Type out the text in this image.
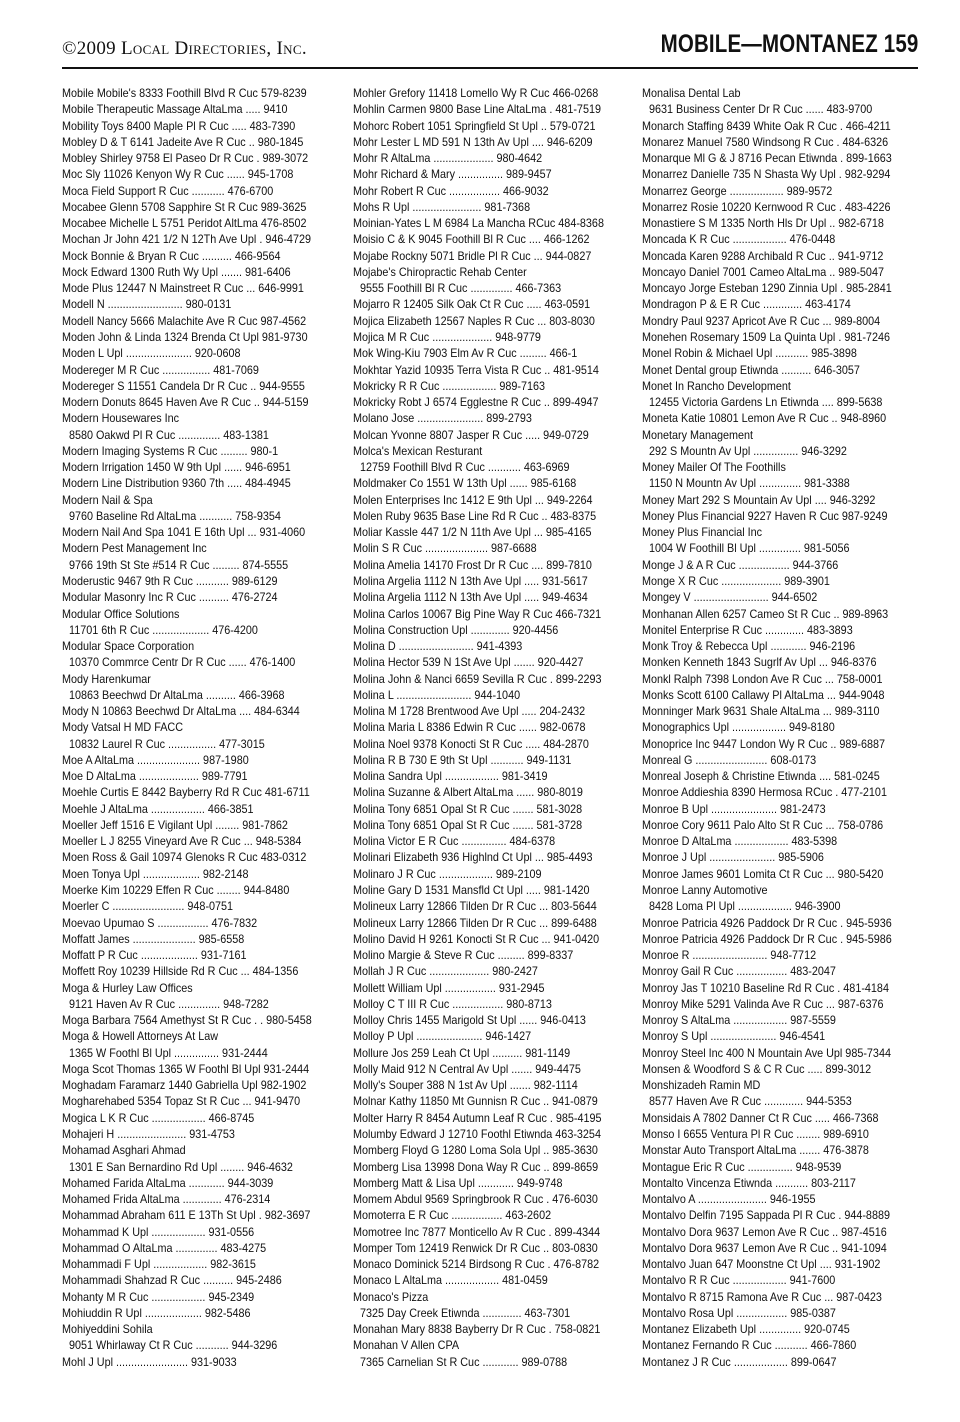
©2009 Local Directories, Inc.	MOBILE—MONTANEZ 159
Mobile Mobile's 8333 Foothill Blvd R Cuc 579-8239
Mobile Therapeutic Massage AltaLma ..... 9410
Mobility Toys 8400 Maple Pl R Cuc ..... 483-7390
Mobley D & T 6141 Jadeite Ave R Cuc .. 980-1845
Mobley Shirley 9758 El Paseo Dr R Cuc . 989-3072
Moc Sly 11026 Kenyon Wy R Cuc ...... 945-1708
Moca Field Support R Cuc ........... 476-6700
Mocabee Glenn 5708 Sapphire St R Cuc 989-3625
Mocabee Michelle L 5751 Peridot AltLma 476-8502
Mochan Jr John 421 1/2 N 12Th Ave Upl . 946-4729
Mock Bonnie & Bryan R Cuc .......... 466-9564
Mock Edward 1300 Ruth Wy Upl ....... 981-6406
Mode Plus 12447 N Mainstreet R Cuc ... 646-9991
Modell N ......................... 980-0131
Modell Nancy 5666 Malachite Ave R Cuc 987-4562
Moden John & Linda 1324 Brenda Ct Upl 981-9730
Moden L Upl ...................... 920-0608
Modereger M R Cuc ................ 481-7069
Modereger S 11551 Candela Dr R Cuc .. 944-9555
Modern Donuts 8645 Haven Ave R Cuc .. 944-5159
Modern Housewares Inc
8580 Oakwd Pl R Cuc .............. 483-1381
Modern Imaging Systems R Cuc ......... 980-1
Modern Irrigation 1450 W 9th Upl ...... 946-6951
Modern Line Distribution 9360 7th ..... 484-4945
Modern Nail & Spa
9760 Baseline Rd AltaLma ........... 758-9354
Modern Nail And Spa 1041 E 16th Upl ... 931-4060
Modern Pest Management Inc
9766 19th St Ste #514 R Cuc ......... 874-5555
Moderustic 9467 9th R Cuc ........... 989-6129
Modular Masonry Inc R Cuc .......... 476-2724
Modular Office Solutions
11701 6th R Cuc ................... 476-4200
Modular Space Corporation
10370 Commrce Centr Dr R Cuc ...... 476-1400
Mody Harenkumar
10863 Beechwd Dr AltaLma .......... 466-3968
Mody N 10863 Beechwd Dr AltaLma .... 484-6344
Mody Vatsal H MD FACC
10832 Laurel R Cuc ................ 477-3015
Moe A AltaLma ..................... 987-1980
Moe D AltaLma .................... 989-7791
Moehle Curtis E 8442 Bayberry Rd R Cuc 481-6711
Moehle J AltaLma .................. 466-3851
Moeller Jeff 1516 E Vigilant Upl ........ 981-7862
Moeller L J 8255 Vineyard Ave R Cuc ... 948-5384
Moen Ross & Gail 10974 Glenoks R Cuc 483-0312
Moen Tonya Upl ................... 982-2148
Moerke Kim 10229 Effen R Cuc ........ 944-8480
Moerler C ........................ 948-0751
Moevao Upumao S ................. 476-7832
Moffatt James ..................... 985-6558
Moffatt P R Cuc ................... 931-7161
Moffett Roy 10239 Hillside Rd R Cuc ... 484-1356
Moga & Hurley Law Offices
9121 Haven Av R Cuc .............. 948-7282
Moga Barbara 7564 Amethyst St R Cuc . . 980-5458
Moga & Howell Attorneys At Law
1365 W Foothl Bl Upl ............... 931-2444
Moga Scot Thomas 1365 W Foothl Bl Upl 931-2444
Moghadam Faramarz 1440 Gabriella Upl 982-1902
Mogharehabed 5354 Topaz St R Cuc ... 941-9470
Mogica L K R Cuc .................. 466-8745
Mohajeri H ....................... 931-4753
Mohamad Asghari Ahmad
1301 E San Bernardino Rd Upl ........ 946-4632
Mohamed Farida AltaLma ............ 944-3039
Mohamed Frida AltaLma ............. 476-2314
Mohammad Abraham 611 E 13Th St Upl . 982-3697
Mohammad K Upl .................. 931-0556
Mohammad O AltaLma .............. 483-4275
Mohammadi F Upl .................. 982-3615
Mohammadi Shahzad R Cuc .......... 945-2486
Mohanty M R Cuc .................. 945-2349
Mohiuddin R Upl ................... 982-5486
Mohiyeddini Sohila
9051 Whirlaway Ct R Cuc ........... 944-3296
Mohl J Upl ........................ 931-9033
Mohler Grefory 11418 Lomello Wy R Cuc 466-0268
Mohlin Carmen 9800 Base Line AltaLma . 481-7519
Mohorc Robert 1051 Springfield St Upl .. 579-0721
Mohr Lester L MD 591 N 13th Av Upl .... 946-6209
Mohr R AltaLma .................... 980-4642
Mohr Richard & Mary ............... 989-9457
Mohr Robert R Cuc ................. 466-9032
Mohs R Upl ....................... 981-7368
Moinian-Yates L M 6984 La Mancha RCuc 484-8368
Moisio C & K 9045 Foothill Bl R Cuc .... 466-1262
Mojabe Rockny 5071 Bridle Pl R Cuc ... 944-0827
Mojabe's Chiropractic Rehab Center
9555 Foothill Bl R Cuc .............. 466-7363
Mojarro R 12405 Silk Oak Ct R Cuc ..... 463-0591
Mojica Elizabeth 12567 Naples R Cuc ... 803-8030
Mojica M R Cuc .................... 948-9779
Mok Wing-Kiu 7903 Elm Av R Cuc ......... 466-1
Mokhtar Yazid 10935 Terra Vista R Cuc .. 481-9514
Mokricky R R Cuc .................. 989-7163
Mokricky Robt J 6574 Egglestne R Cuc .. 899-4947
Molano Jose ...................... 899-2793
Molcan Yvonne 8807 Jasper R Cuc ..... 949-0729
Molca's Mexican Resturant
12759 Foothill Blvd R Cuc ........... 463-6969
Moldmaker Co 1551 W 13th Upl ...... 985-6168
Molen Enterprises Inc 1412 E 9th Upl ... 949-2264
Molen Ruby 9635 Base Line Rd R Cuc .. 483-8375
Moliar Kassle 447 1/2 N 11th Ave Upl ... 985-4165
Molin S R Cuc ..................... 987-6688
Molina Amelia 14170 Frost Dr R Cuc .... 899-7810
Molina Argelia 1112 N 13th Ave Upl ..... 931-5617
Molina Argelia 1112 N 13th Ave Upl ..... 949-4634
Molina Carlos 10067 Big Pine Way R Cuc 466-7321
Molina Construction Upl ............. 920-4456
Molina D ......................... 941-4393
Molina Hector 539 N 1St Ave Upl ....... 920-4427
Molina John & Nanci 6659 Sevilla R Cuc . 899-2293
Molina L ......................... 944-1040
Molina M 1728 Brentwood Ave Upl ..... 204-2432
Molina Maria L 8386 Edwin R Cuc ...... 982-0678
Molina Noel 9378 Konocti St R Cuc ..... 484-2870
Molina R B 730 E 9th St Upl ........... 949-1131
Molina Sandra Upl .................. 981-3419
Molina Suzanne & Albert AltaLma ...... 980-8019
Molina Tony 6851 Opal St R Cuc ....... 581-3028
Molina Tony 6851 Opal St R Cuc ....... 581-3728
Molina Victor E R Cuc ............... 484-6378
Molinari Elizabeth 936 Highlnd Ct Upl ... 985-4493
Molinaro J R Cuc .................. 989-2109
Moline Gary D 1531 Mansfld Ct Upl ..... 981-1420
Molineux Larry 12866 Tilden Dr R Cuc ... 803-5644
Molineux Larry 12866 Tilden Dr R Cuc ... 899-6488
Molino David H 9261 Konocti St R Cuc ... 941-0420
Molino Margie & Steve R Cuc ......... 899-8337
Mollah J R Cuc .................... 980-2427
Mollett William Upl ................. 931-2945
Molloy C T III R Cuc ................. 980-8713
Molloy Chris 1455 Marigold St Upl ...... 946-0413
Molloy P Upl ...................... 946-1427
Mollure Jos 259 Leah Ct Upl .......... 981-1149
Molly Maid 912 N Central Av Upl ....... 949-4475
Molly's Souper 388 N 1st Av Upl ....... 982-1114
Molnar Kathy 11850 Mt Gunnisn R Cuc .. 941-0879
Molter Harry R 8454 Autumn Leaf R Cuc . 985-4195
Molumby Edward J 12710 Foothl Etiwnda 463-3254
Momberg Floyd G 1280 Loma Sola Upl .. 985-3630
Momberg Lisa 13998 Dona Way R Cuc .. 899-8659
Momberg Matt & Lisa Upl ............ 949-9748
Momem Abdul 9569 Springbrook R Cuc . 476-6030
Momoterra E R Cuc ................. 463-2602
Momotree Inc 7877 Monticello Av R Cuc . 899-4344
Momper Tom 12419 Renwick Dr R Cuc .. 803-0830
Monaco Dominick 5214 Birdsong R Cuc . 476-8782
Monaco L AltaLma .................. 481-0459
Monaco's Pizza
7325 Day Creek Etiwnda ............. 463-7301
Monahan Mary 8838 Bayberry Dr R Cuc . 758-0821
Monahan V Allen CPA
7365 Carnelian St R Cuc ............ 989-0788
Monalisa Dental Lab
9631 Business Center Dr R Cuc ...... 483-9700
Monarch Staffing 8439 White Oak R Cuc . 466-4211
Monarez Manuel 7580 Windsong R Cuc . 484-6326
Monarque Ml G & J 8716 Pecan Etiwnda . 899-1663
Monarrez Danielle 735 N Shasta Wy Upl . 982-9294
Monarrez George .................. 989-9572
Monarrez Rosie 10220 Kernwood R Cuc . 483-4226
Monastiere S M 1335 North Hls Dr Upl .. 982-6718
Moncada K R Cuc .................. 476-0448
Moncada Karen 9288 Archibald R Cuc .. 941-9712
Moncayo Daniel 7001 Cameo AltaLma .. 989-5047
Moncayo Jorge Esteban 1290 Zinnia Upl . 985-2841
Mondragon P & E R Cuc ............. 463-4174
Mondry Paul 9237 Apricot Ave R Cuc ... 989-8004
Monehen Rosemary 1509 La Quinta Upl . 981-7246
Monel Robin & Michael Upl ........... 985-3898
Monet Dental group Etiwnda .......... 646-3057
Monet In Rancho Development
12455 Victoria Gardens Ln Etiwnda .... 899-5638
Moneta Katie 10801 Lemon Ave R Cuc .. 948-8960
Monetary Management
292 S Mountn Av Upl ............... 946-3292
Money Mailer Of The Foothills
1150 N Mountn Av Upl .............. 981-3388
Money Mart 292 S Mountain Av Upl .... 946-3292
Money Plus Financial 9227 Haven R Cuc 987-9249
Money Plus Financial Inc
1004 W Foothill Bl Upl .............. 981-5056
Monge J & A R Cuc ................. 944-3766
Monge X R Cuc .................... 989-3901
Mongey V ......................... 944-6502
Monhanan Allen 6257 Cameo St R Cuc .. 989-8963
Monitel Enterprise R Cuc ............. 483-3893
Monk Troy & Rebecca Upl ............ 946-2196
Monken Kenneth 1843 Sugrlf Av Upl ... 946-8376
Monkl Ralph 7398 London Ave R Cuc ... 758-0001
Monks Scott 6100 Callawy Pl AltaLma ... 944-9048
Monninger Mark 9631 Shale AltaLma ... 989-3110
Monographics Upl .................. 949-8180
Monoprice Inc 9447 London Wy R Cuc .. 989-6887
Monreal G ........................ 608-0173
Monreal Joseph & Christine Etiwnda .... 581-0245
Monroe Addieshia 8390 Hermosa RCuc . 477-2101
Monroe B Upl ...................... 981-2473
Monroe Cory 9611 Palo Alto St R Cuc ... 758-0786
Monroe D AltaLma .................. 483-5398
Monroe J Upl ...................... 985-5906
Monroe James 9601 Lomita Ct R Cuc ... 980-5420
Monroe Lanny Automotive
8428 Loma Pl Upl .................. 946-3900
Monroe Patricia 4926 Paddock Dr R Cuc . 945-5936
Monroe Patricia 4926 Paddock Dr R Cuc . 945-5986
Monroe R ......................... 948-7712
Monroy Gail R Cuc ................. 483-2047
Monroy Jas T 10210 Baseline Rd R Cuc . 481-4184
Monroy Mike 5291 Valinda Ave R Cuc ... 987-6376
Monroy S AltaLma .................. 987-5559
Monroy S Upl ...................... 946-4541
Monroy Steel Inc 400 N Mountain Ave Upl 985-7344
Monsen & Woodford S & C R Cuc ..... 899-3012
Monshizadeh Ramin MD
8577 Haven Ave R Cuc ............. 944-5353
Monsidais A 7802 Danner Ct R Cuc ..... 466-7368
Monso I 6655 Ventura Pl R Cuc ........ 989-6910
Monstar Auto Transport AltaLma ....... 476-3878
Montague Eric R Cuc ............... 948-9539
Montalto Vincenza Etiwnda ........... 803-2117
Montalvo A ....................... 946-1955
Montalvo Delfin 7195 Sappada Pl R Cuc . 944-8889
Montalvo Dora 9637 Lemon Ave R Cuc .. 987-4516
Montalvo Dora 9637 Lemon Ave R Cuc .. 941-1094
Montalvo Juan 647 Moonstne Ct Upl .... 931-1902
Montalvo R R Cuc .................. 941-7600
Montalvo R 8715 Ramona Ave R Cuc ... 987-0423
Montalvo Rosa Upl ................. 985-0387
Montanez Elizabeth Upl .............. 920-0745
Montanez Fernando R Cuc ........... 466-7860
Montanez J R Cuc .................. 899-0647
